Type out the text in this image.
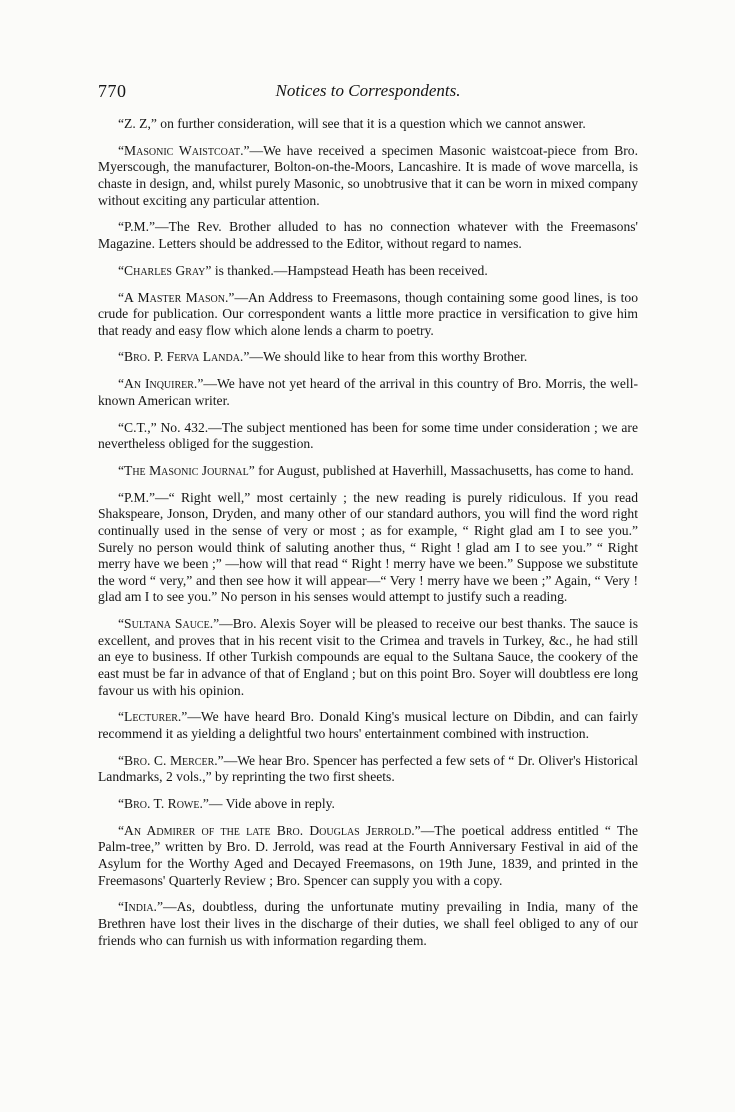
770	Notices to Correspondents.

“Z. Z,” on further consideration, will see that it is a question which we cannot answer.

“Masonic Waistcoat.”—We have received a specimen Masonic waistcoat-piece from Bro. Myerscough, the manufacturer, Bolton-on-the-Moors, Lancashire. It is made of wove marcella, is chaste in design, and, whilst purely Masonic, so unobtrusive that it can be worn in mixed company without exciting any particular attention.

“P.M.”—The Rev. Brother alluded to has no connection whatever with the Freemasons' Magazine. Letters should be addressed to the Editor, without regard to names.

“Charles Gray” is thanked.—Hampstead Heath has been received.

“A Master Mason.”—An Address to Freemasons, though containing some good lines, is too crude for publication. Our correspondent wants a little more practice in versification to give him that ready and easy flow which alone lends a charm to poetry.

“Bro. P. Ferva Landa.”—We should like to hear from this worthy Brother.

“An Inquirer.”—We have not yet heard of the arrival in this country of Bro. Morris, the well-known American writer.

“C.T.,” No. 432.—The subject mentioned has been for some time under consideration ; we are nevertheless obliged for the suggestion.

“The Masonic Journal” for August, published at Haverhill, Massachusetts, has come to hand.

“P.M.”—“ Right well,” most certainly ; the new reading is purely ridiculous. If you read Shakspeare, Jonson, Dryden, and many other of our standard authors, you will find the word right continually used in the sense of very or most ; as for example, “ Right glad am I to see you.” Surely no person would think of saluting another thus, “ Right ! glad am I to see you.” “ Right merry have we been ;” —how will that read “ Right ! merry have we been.” Suppose we substitute the word “ very,” and then see how it will appear—“ Very ! merry have we been ;” Again, “ Very ! glad am I to see you.” No person in his senses would attempt to justify such a reading.

“Sultana Sauce.”—Bro. Alexis Soyer will be pleased to receive our best thanks. The sauce is excellent, and proves that in his recent visit to the Crimea and travels in Turkey, &c., he had still an eye to business. If other Turkish compounds are equal to the Sultana Sauce, the cookery of the east must be far in advance of that of England ; but on this point Bro. Soyer will doubtless ere long favour us with his opinion.

“Lecturer.”—We have heard Bro. Donald King's musical lecture on Dibdin, and can fairly recommend it as yielding a delightful two hours' entertainment combined with instruction.

“Bro. C. Mercer.”—We hear Bro. Spencer has perfected a few sets of “ Dr. Oliver's Historical Landmarks, 2 vols.,” by reprinting the two first sheets.

“Bro. T. Rowe.”— Vide above in reply.

“An Admirer of the late Bro. Douglas Jerrold.”—The poetical address entitled “ The Palm-tree,” written by Bro. D. Jerrold, was read at the Fourth Anniversary Festival in aid of the Asylum for the Worthy Aged and Decayed Freemasons, on 19th June, 1839, and printed in the Freemasons' Quarterly Review ; Bro. Spencer can supply you with a copy.

“India.”—As, doubtless, during the unfortunate mutiny prevailing in India, many of the Brethren have lost their lives in the discharge of their duties, we shall feel obliged to any of our friends who can furnish us with information regarding them.
